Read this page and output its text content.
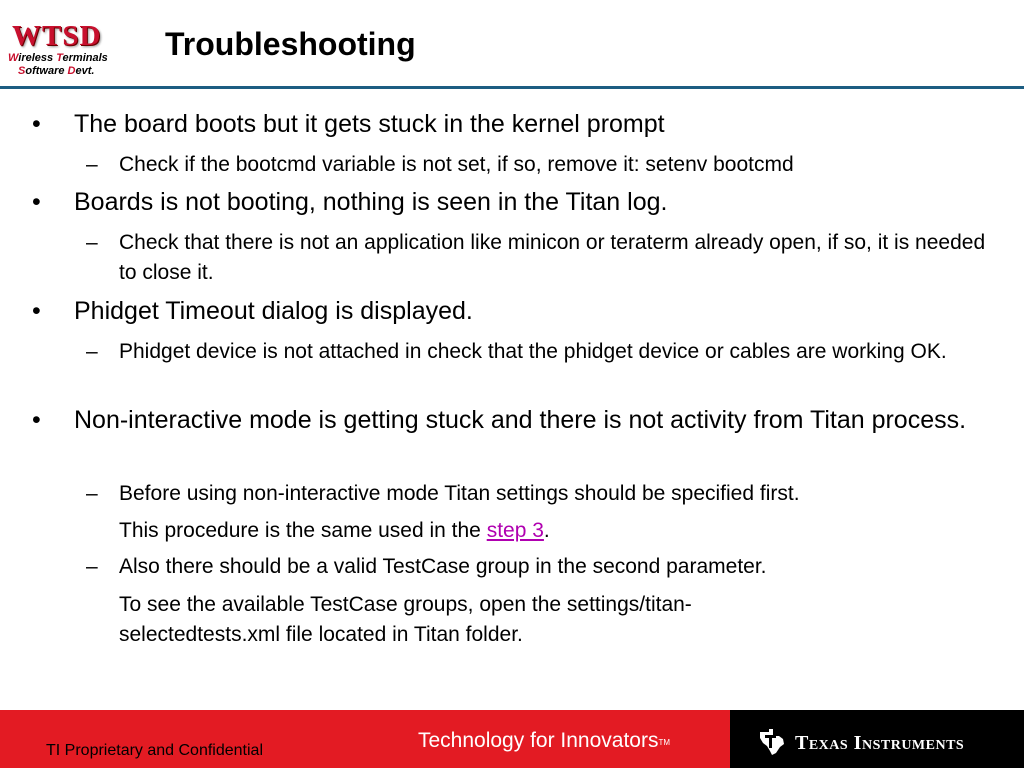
WTSD
Wireless Terminals
Software Devt.
Troubleshooting
• The board boots but it gets stuck in the kernel prompt
– Check if the bootcmd variable is not set, if so, remove it: setenv bootcmd
• Boards is not booting, nothing is seen in the Titan log.
– Check that there is not an application like minicon or teraterm already open, if so, it is needed to close it.
• Phidget Timeout dialog is displayed.
– Phidget device is not attached in check that the phidget device or cables are working OK.
• Non-interactive mode is getting stuck and there is not activity from Titan process.
– Before using non-interactive mode Titan settings should be specified first.
This procedure is the same used in the step 3.
– Also there should be a valid TestCase group in the second parameter.
To see the available TestCase groups, open the settings/titan-selectedtests.xml file located in Titan folder.
TI Proprietary and Confidential	Technology for Innovators™	Texas Instruments
